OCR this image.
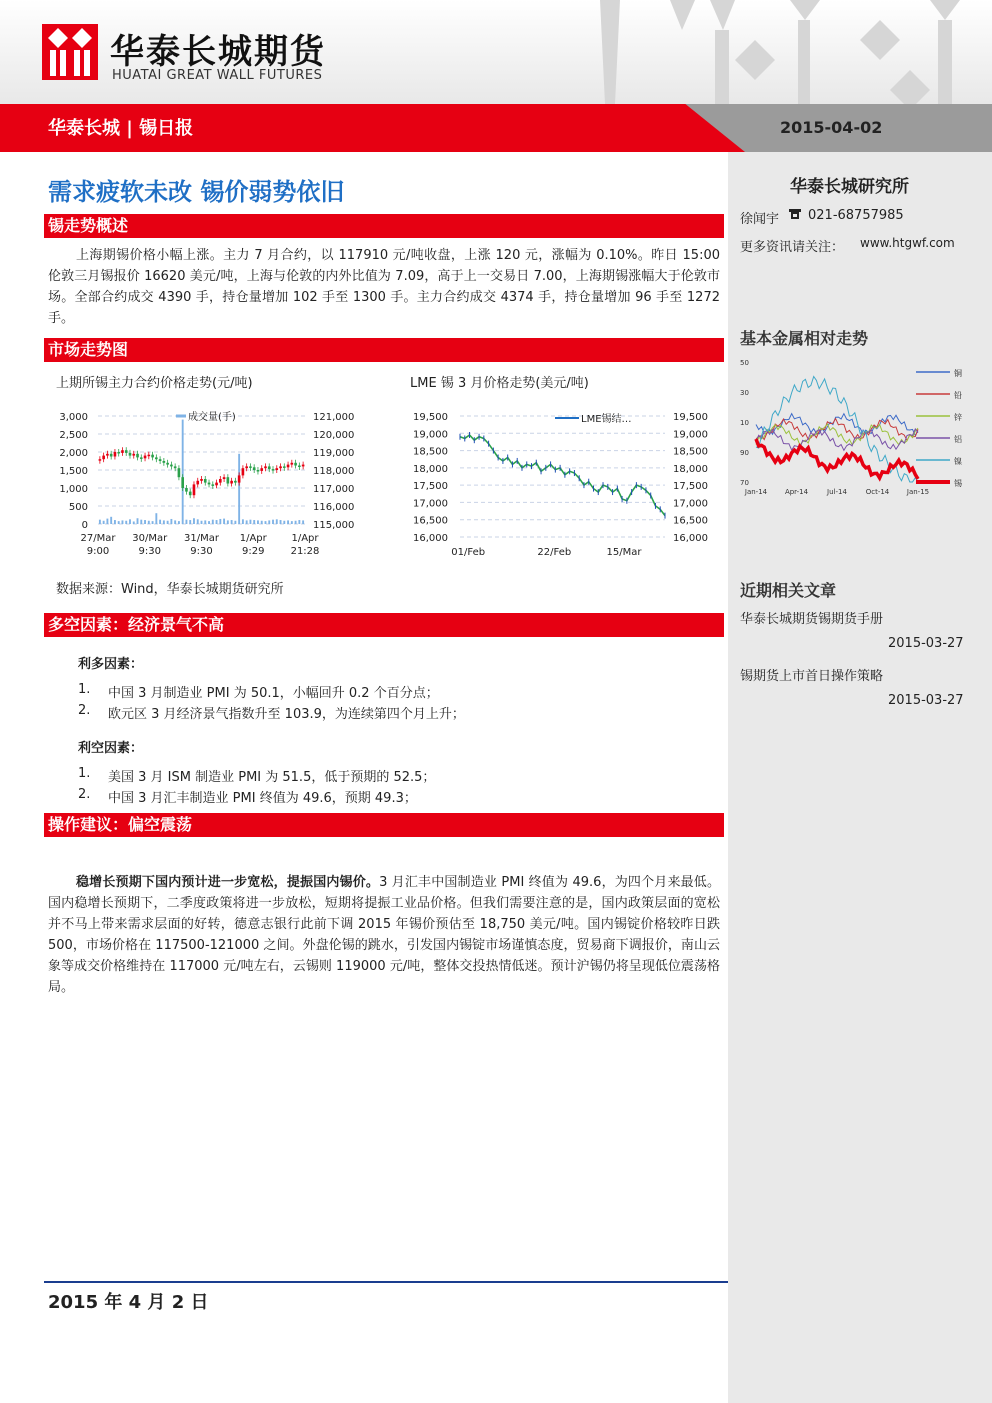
华泰长城期货
HUATAI GREAT WALL FUTURES
华泰长城 | 锡日报	2015-04-02
需求疲软未改 锡价弱势依旧
锡走势概述
上海期锡价格小幅上涨。主力 7 月合约，以 117910 元/吨收盘，上涨 120 元，涨幅为 0.10%。昨日 15:00 伦敦三月锡报价 16620 美元/吨，上海与伦敦的内外比值为 7.09，高于上一交易日 7.00，上海期锡涨幅大于伦敦市场。全部合约成交 4390 手，持仓量增加 102 手至 1300 手。主力合约成交 4374 手，持仓量增加 96 手至 1272 手。
市场走势图
上期所锡主力合约价格走势(元/吨)	LME 锡 3 月价格走势(美元/吨)
3,000
2,500
2,000
1,500
1,000
500
0
121,000
120,000
119,000
118,000
117,000
116,000
115,000
成交量(手)
27/Mar
9:00
30/Mar
9:30
31/Mar
9:30
1/Apr
9:29
1/Apr
21:28
19,500	19,500
19,000	19,000
18,500	18,500
18,000	18,000
17,500	17,500
17,000	17,000
16,500	16,500
16,000	16,000
LME锡结…
01/Feb	22/Feb	15/Mar
数据来源：Wind，华泰长城期货研究所
多空因素：经济景气不高
利多因素：
1. 中国 3 月制造业 PMI 为 50.1，小幅回升 0.2 个百分点；
2. 欧元区 3 月经济景气指数升至 103.9，为连续第四个月上升；
利空因素：
1. 美国 3 月 ISM 制造业 PMI 为 51.5，低于预期的 52.5；
2. 中国 3 月汇丰制造业 PMI 终值为 49.6，预期 49.3；
操作建议：偏空震荡
稳增长预期下国内预计进一步宽松，提振国内锡价。3 月汇丰中国制造业 PMI 终值为 49.6，为四个月来最低。国内稳增长预期下，二季度政策将进一步放松，短期将提振工业品价格。但我们需要注意的是，国内政策层面的宽松并不马上带来需求层面的好转，德意志银行此前下调 2015 年锡价预估至 18,750 美元/吨。国内锡锭价格较昨日跌 500，市场价格在 117500-121000 之间。外盘伦锡的跳水，引发国内锡锭市场谨慎态度，贸易商下调报价，南山云象等成交价格维持在 117000 元/吨左右，云锡则 119000 元/吨，整体交投热情低迷。预计沪锡仍将呈现低位震荡格局。
华泰长城研究所
徐闻宇 021-68757985
更多资讯请关注： www.htgwf.com
基本金属相对走势
50
30
10
90
70
Jan-14	Apr-14	Jul-14	Oct-14	Jan-15
铜
铅
锌
铝
镍
锡
近期相关文章
华泰长城期货锡期货手册
2015-03-27
锡期货上市首日操作策略
2015-03-27
2015 年 4 月 2 日
